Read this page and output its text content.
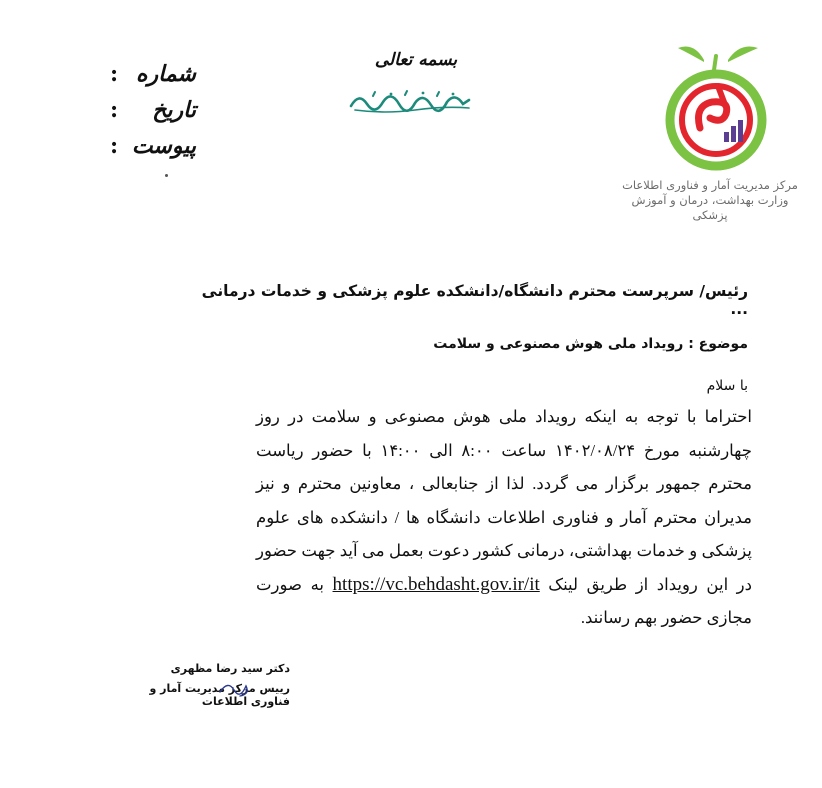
شماره
:
تاریخ
:
پیوست
:
بسمه تعالی
مرکز مدیریت آمار و فناوری اطلاعات
وزارت بهداشت، درمان و آموزش پزشکی
رئیس/ سرپرست محترم دانشگاه/دانشکده علوم پزشکی و خدمات درمانی ...
موضوع : رویداد ملی هوش مصنوعی و سلامت
با سلام

احتراما با توجه به اینکه رویداد ملی هوش مصنوعی و سلامت در روز چهارشنبه مورخ ۱۴۰۲/۰۸/۲۴ ساعت ۸:۰۰ الی ۱۴:۰۰ با حضور ریاست محترم جمهور برگزار می گردد. لذا از جنابعالی ، معاونین محترم و نیز مدیران محترم آمار و فناوری اطلاعات دانشگاه ها / دانشکده های علوم پزشکی و خدمات بهداشتی، درمانی کشور دعوت بعمل می آید جهت حضور در این رویداد از طریق لینک https://vc.behdasht.gov.ir/it به صورت مجازی حضور بهم رسانند.

دکتر سید رضا مظهری
رییس مرکز مدیریت آمار و فناوری اطلاعات
